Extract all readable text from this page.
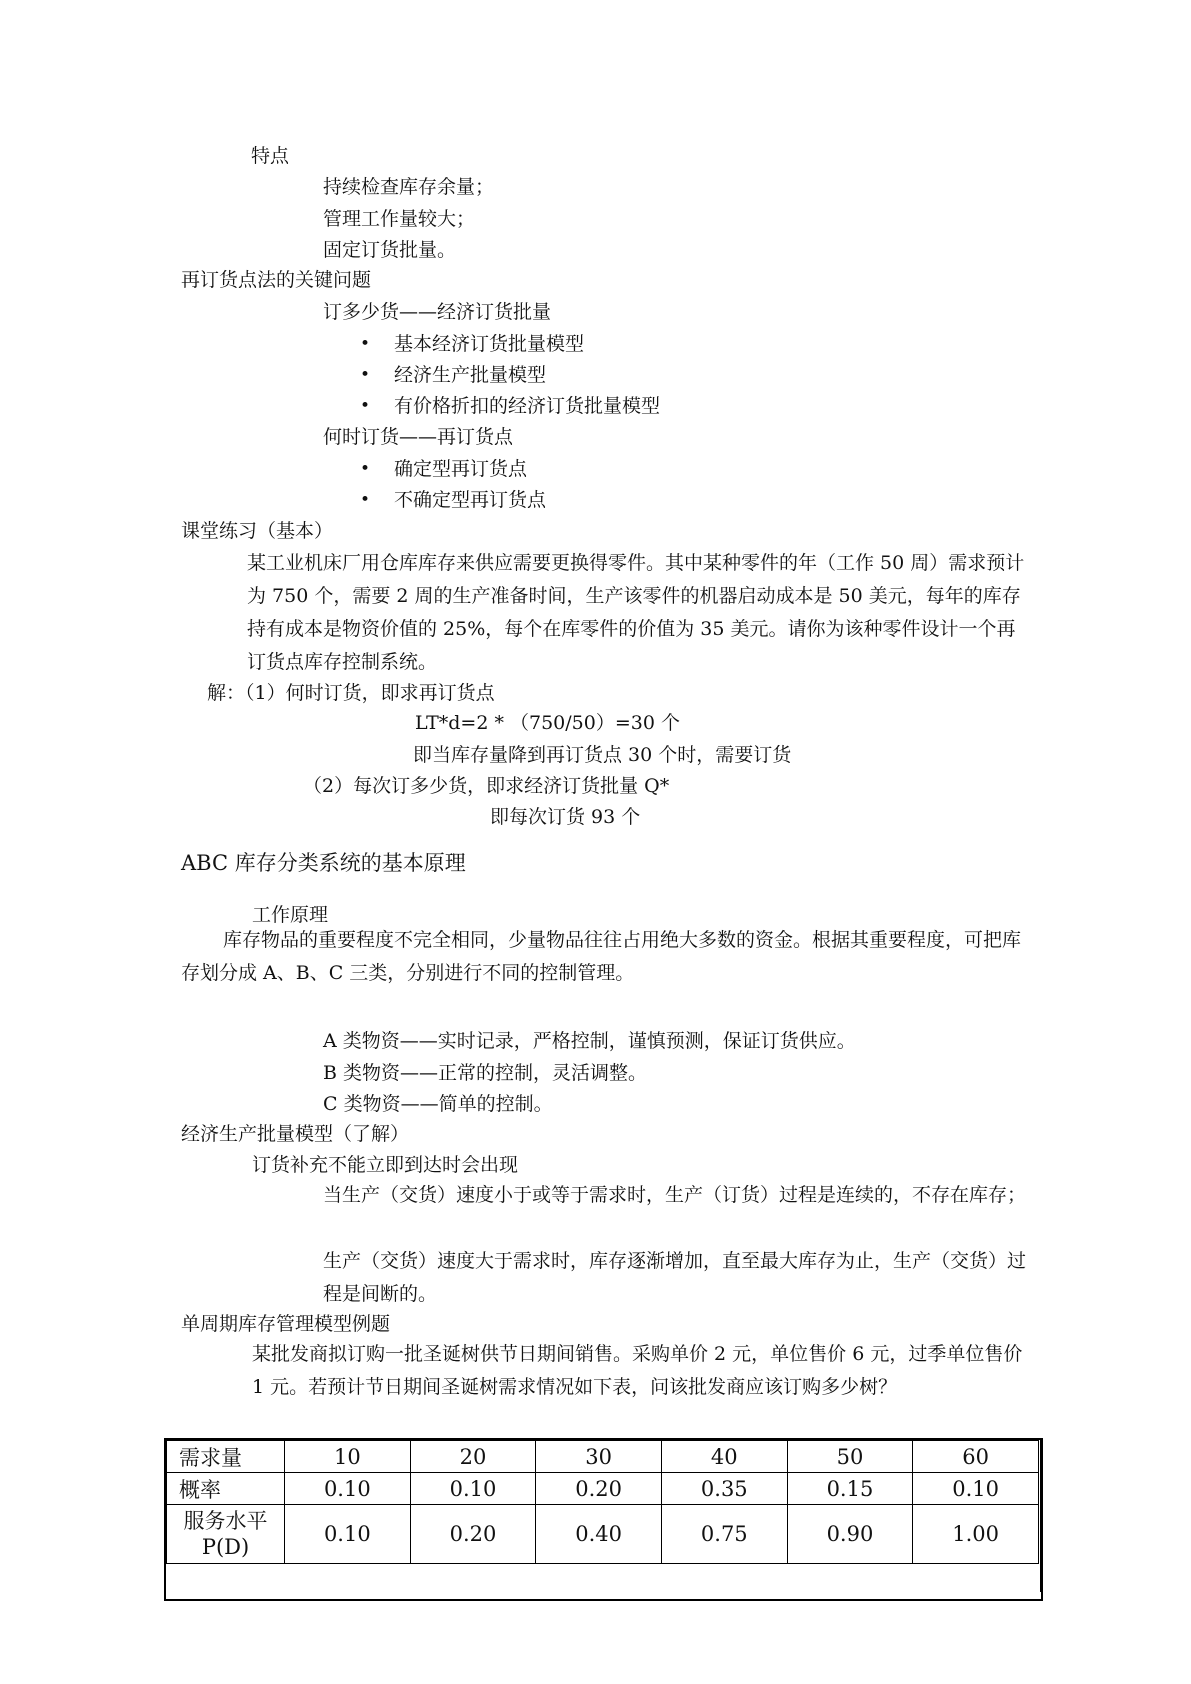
特点
持续检查库存余量；
管理工作量较大；
固定订货批量。
再订货点法的关键问题
订多少货——经济订货批量
• 基本经济订货批量模型
• 经济生产批量模型
• 有价格折扣的经济订货批量模型
何时订货——再订货点
• 确定型再订货点
• 不确定型再订货点
课堂练习（基本）
某工业机床厂用仓库库存来供应需要更换得零件。其中某种零件的年（工作 50 周）需求预计为 750 个，需要 2 周的生产准备时间，生产该零件的机器启动成本是 50 美元，每年的库存持有成本是物资价值的 25%，每个在库零件的价值为 35 美元。请你为该种零件设计一个再订货点库存控制系统。
解：（1）何时订货，即求再订货点
LT*d=2 * （750/50）=30 个
即当库存量降到再订货点 30 个时，需要订货
（2）每次订多少货，即求经济订货批量 Q*
即每次订货 93 个
ABC 库存分类系统的基本原理
工作原理
库存物品的重要程度不完全相同，少量物品往往占用绝大多数的资金。根据其重要程度，可把库存划分成 A、B、C 三类，分别进行不同的控制管理。
A 类物资——实时记录，严格控制，谨慎预测，保证订货供应。
B 类物资——正常的控制，灵活调整。
C 类物资——简单的控制。
经济生产批量模型（了解）
订货补充不能立即到达时会出现
当生产（交货）速度小于或等于需求时，生产（订货）过程是连续的，不存在库存；
生产（交货）速度大于需求时，库存逐渐增加，直至最大库存为止，生产（交货）过程是间断的。
单周期库存管理模型例题
某批发商拟订购一批圣诞树供节日期间销售。采购单价 2 元，单位售价 6 元，过季单位售价 1 元。若预计节日期间圣诞树需求情况如下表，问该批发商应该订购多少树？
需求量	10	20	30	40	50	60
概率	0.10	0.10	0.20	0.35	0.15	0.10
服务水平P(D)	0.10	0.20	0.40	0.75	0.90	1.00
